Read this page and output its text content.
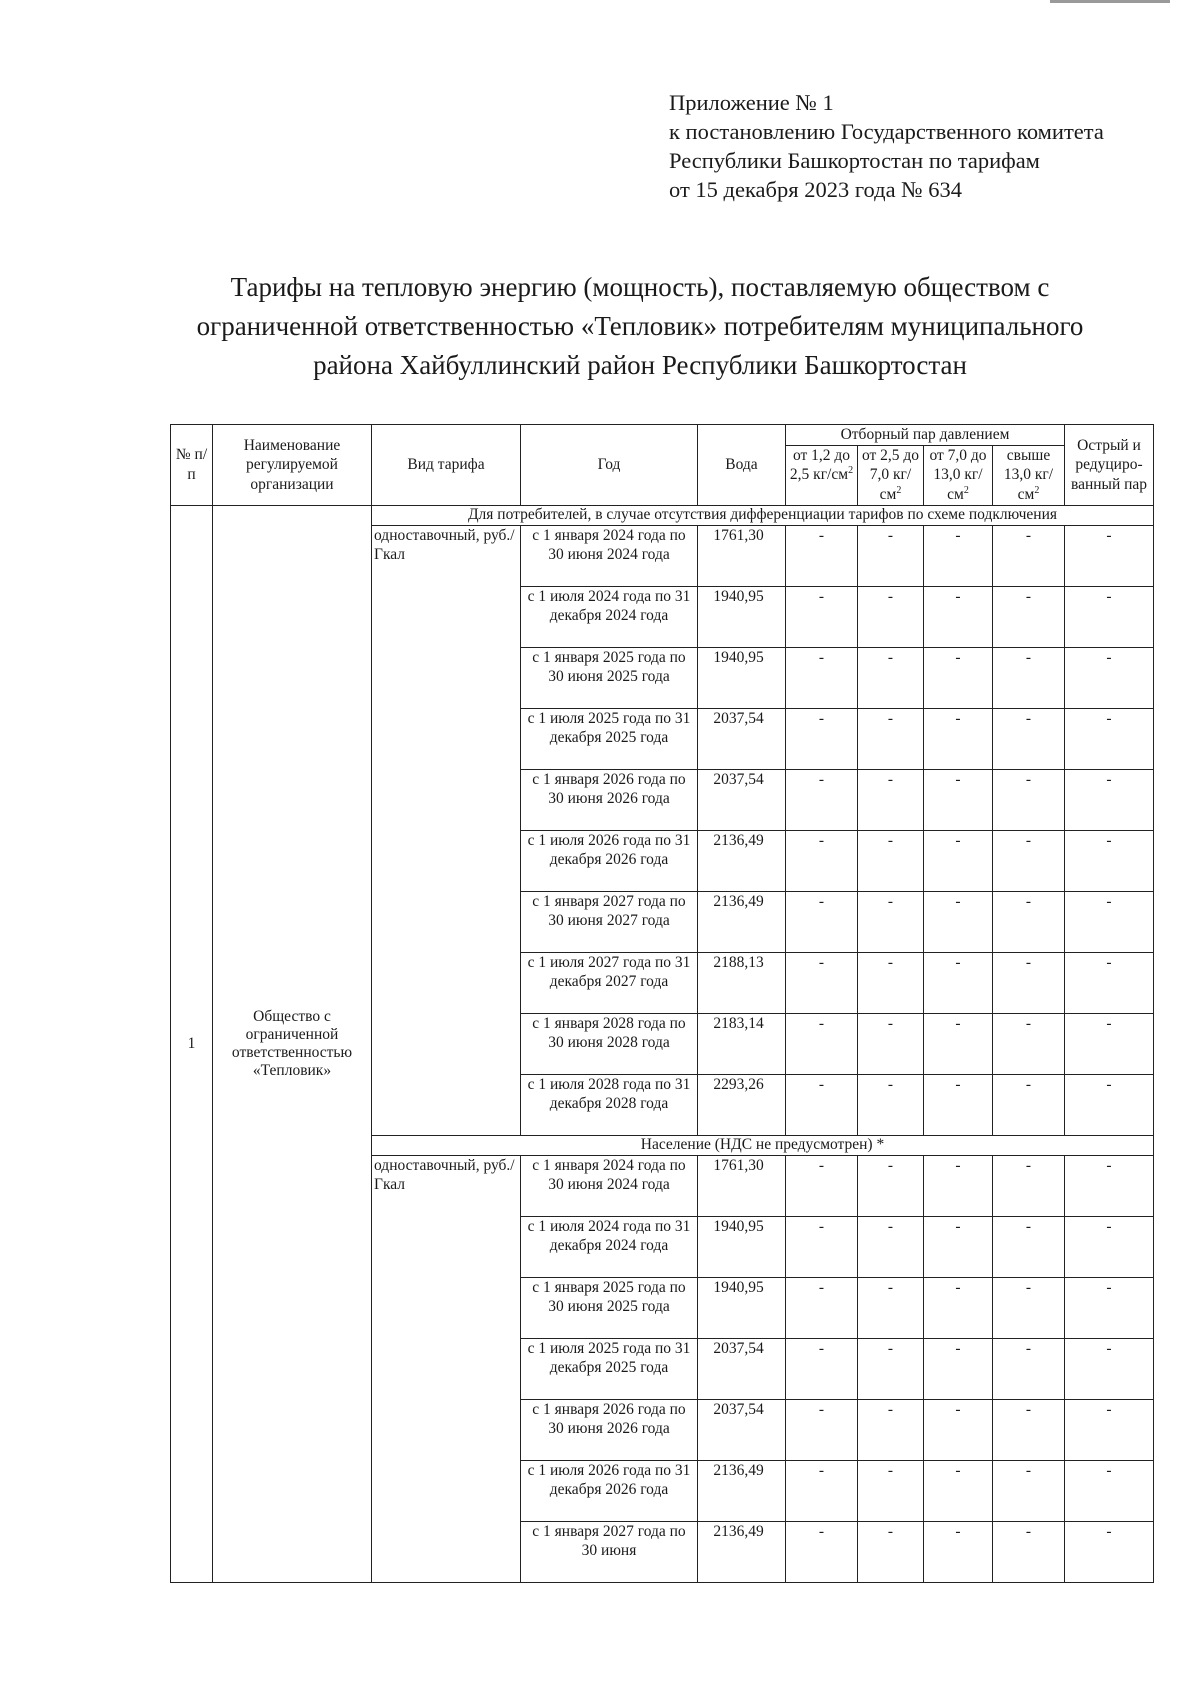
Приложение № 1
к постановлению Государственного комитета
Республики Башкортостан по тарифам
от 15 декабря 2023 года № 634
Тарифы на тепловую энергию (мощность), поставляемую обществом с
ограниченной ответственностью «Тепловик» потребителям муниципального
района Хайбуллинский район Республики Башкортостан
№ п/п	Наименование регулируемой организации	Вид тарифа	Год	Вода	Отборный пар давлением				Острый и редуциро-ванный пар
					от 1,2 до 2,5 $кг/см^2$	от 2,5 до 7,0 $кг/см^2$	от 7,0 до 13,0 $кг/см^2$	свыше 13,0 $кг/см^2$
1	Общество с ограниченной ответственностью «Тепловик»	Для потребителей, в случае отсутствия дифференциации тарифов по схеме подключения							
		одноставочный, руб./Гкал	с 1 января 2024 года по 30 июня 2024 года	1761,30	-	-	-	-	-
			с 1 июля 2024 года по 31 декабря 2024 года	1940,95	-	-	-	-	-
			с 1 января 2025 года по 30 июня 2025 года	1940,95	-	-	-	-	-
			с 1 июля 2025 года по 31 декабря 2025 года	2037,54	-	-	-	-	-
			с 1 января 2026 года по 30 июня 2026 года	2037,54	-	-	-	-	-
			с 1 июля 2026 года по 31 декабря 2026 года	2136,49	-	-	-	-	-
			с 1 января 2027 года по 30 июня 2027 года	2136,49	-	-	-	-	-
			с 1 июля 2027 года по 31 декабря 2027 года	2188,13	-	-	-	-	-
			с 1 января 2028 года по 30 июня 2028 года	2183,14	-	-	-	-	-
			с 1 июля 2028 года по 31 декабря 2028 года	2293,26	-	-	-	-	-
		Население (НДС не предусмотрен) *							
		одноставочный, руб./Гкал	с 1 января 2024 года по 30 июня 2024 года	1761,30	-	-	-	-	-
			с 1 июля 2024 года по 31 декабря 2024 года	1940,95	-	-	-	-	-
			с 1 января 2025 года по 30 июня 2025 года	1940,95	-	-	-	-	-
			с 1 июля 2025 года по 31 декабря 2025 года	2037,54	-	-	-	-	-
			с 1 января 2026 года по 30 июня 2026 года	2037,54	-	-	-	-	-
			с 1 июля 2026 года по 31 декабря 2026 года	2136,49	-	-	-	-	-
			с 1 января 2027 года по 30 июня	2136,49	-	-	-	-	-
